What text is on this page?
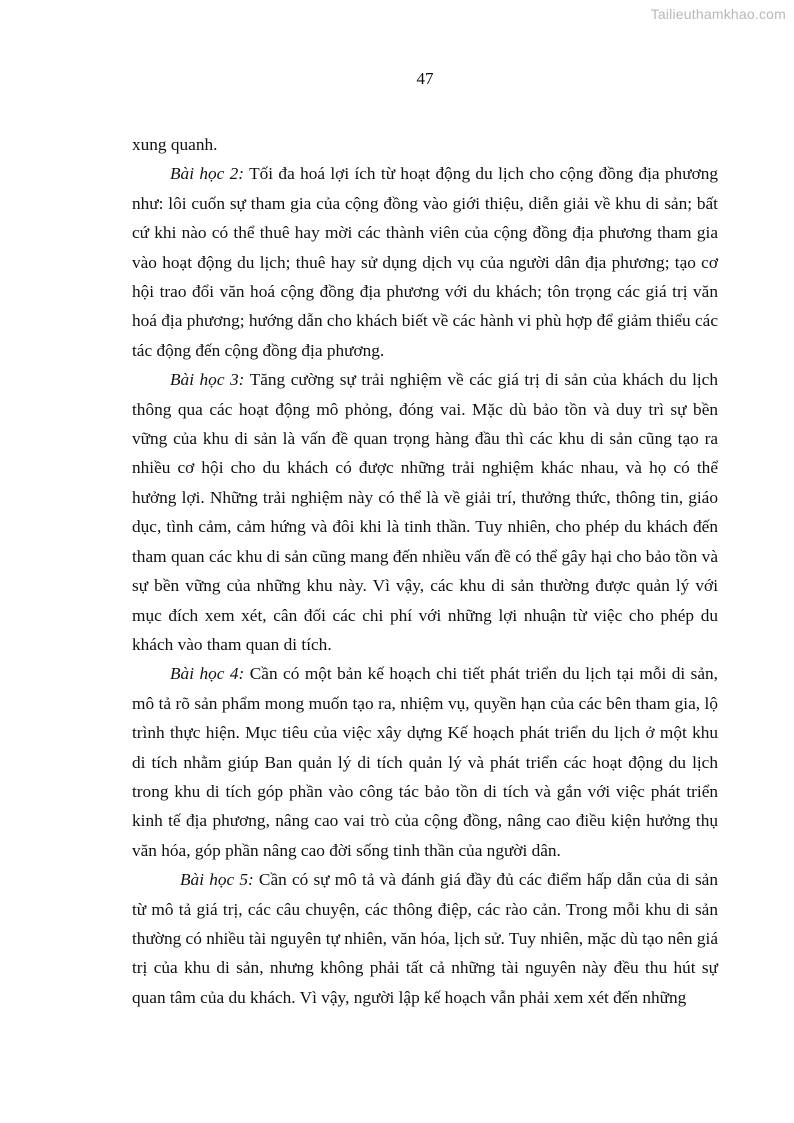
Tailieuthamkhao.com
47

xung quanh.

Bài học 2: Tối đa hoá lợi ích từ hoạt động du lịch cho cộng đồng địa phương như: lôi cuốn sự tham gia của cộng đồng vào giới thiệu, diễn giải về khu di sản; bất cứ khi nào có thể thuê hay mời các thành viên của cộng đồng địa phương tham gia vào hoạt động du lịch; thuê hay sử dụng dịch vụ của người dân địa phương; tạo cơ hội trao đổi văn hoá cộng đồng địa phương với du khách; tôn trọng các giá trị văn hoá địa phương; hướng dẫn cho khách biết về các hành vi phù hợp để giảm thiểu các tác động đến cộng đồng địa phương.

Bài học 3: Tăng cường sự trải nghiệm về các giá trị di sản của khách du lịch thông qua các hoạt động mô phỏng, đóng vai. Mặc dù bảo tồn và duy trì sự bền vững của khu di sản là vấn đề quan trọng hàng đầu thì các khu di sản cũng tạo ra nhiều cơ hội cho du khách có được những trải nghiệm khác nhau, và họ có thể hưởng lợi. Những trải nghiệm này có thể là về giải trí, thưởng thức, thông tin, giáo dục, tình cảm, cảm hứng và đôi khi là tinh thần. Tuy nhiên, cho phép du khách đến tham quan các khu di sản cũng mang đến nhiều vấn đề có thể gây hại cho bảo tồn và sự bền vững của những khu này. Vì vậy, các khu di sản thường được quản lý với mục đích xem xét, cân đối các chi phí với những lợi nhuận từ việc cho phép du khách vào tham quan di tích.

Bài học 4: Cần có một bản kế hoạch chi tiết phát triển du lịch tại mỗi di sản, mô tả rõ sản phẩm mong muốn tạo ra, nhiệm vụ, quyền hạn của các bên tham gia, lộ trình thực hiện. Mục tiêu của việc xây dựng Kế hoạch phát triển du lịch ở một khu di tích nhằm giúp Ban quản lý di tích quản lý và phát triển các hoạt động du lịch trong khu di tích góp phần vào công tác bảo tồn di tích và gắn với việc phát triển kinh tế địa phương, nâng cao vai trò của cộng đồng, nâng cao điều kiện hưởng thụ văn hóa, góp phần nâng cao đời sống tinh thần của người dân.

Bài học 5: Cần có sự mô tả và đánh giá đầy đủ các điểm hấp dẫn của di sản từ mô tả giá trị, các câu chuyện, các thông điệp, các rào cản. Trong mỗi khu di sản thường có nhiều tài nguyên tự nhiên, văn hóa, lịch sử. Tuy nhiên, mặc dù tạo nên giá trị của khu di sản, nhưng không phải tất cả những tài nguyên này đều thu hút sự quan tâm của du khách. Vì vậy, người lập kế hoạch vẫn phải xem xét đến những
